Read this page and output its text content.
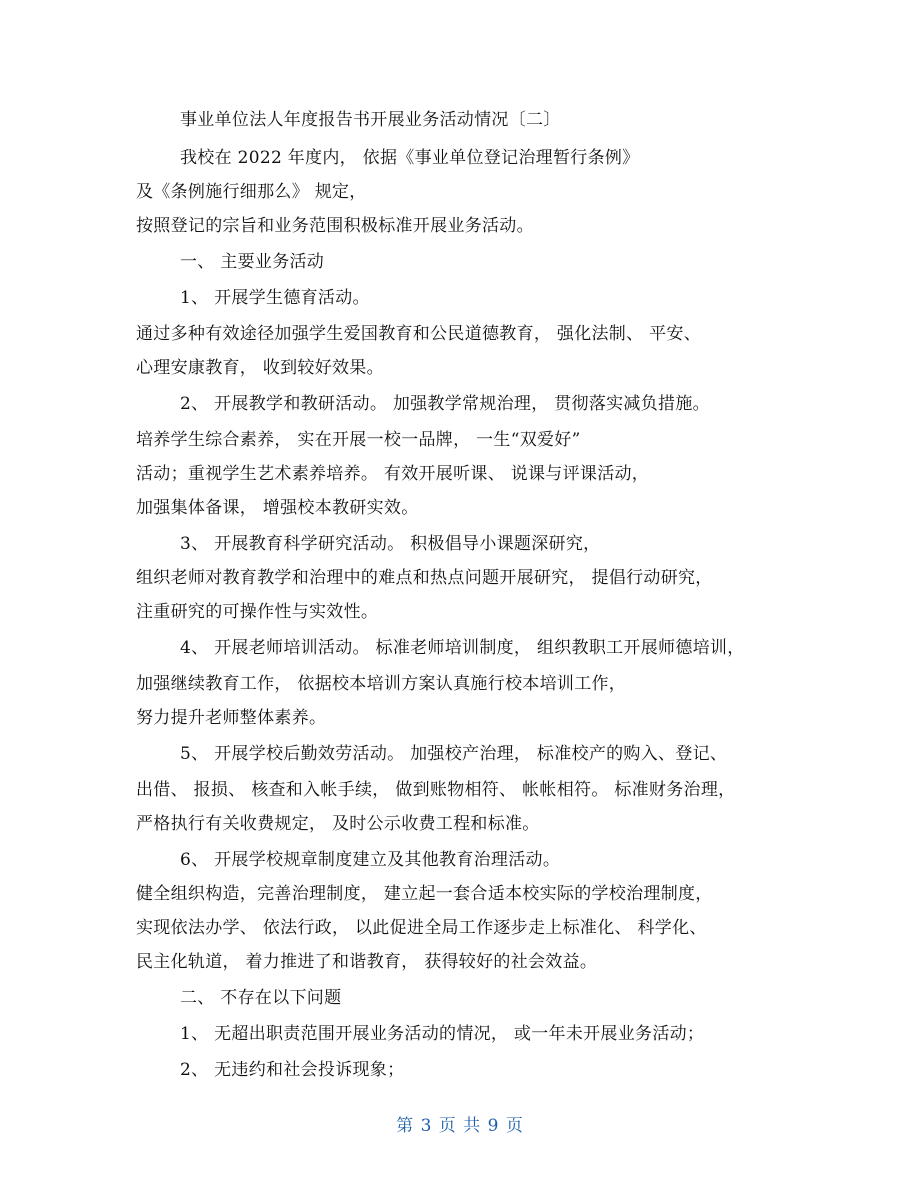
事业单位法人年度报告书开展业务活动情况〔二〕
我校在 2022 年度内， 依据《事业单位登记治理暂行条例》
及《条例施行细那么》 规定，
按照登记的宗旨和业务范围积极标准开展业务活动。
一、 主要业务活动
1、 开展学生德育活动。
通过多种有效途径加强学生爱国教育和公民道德教育， 强化法制、 平安、
心理安康教育， 收到较好效果。
2、 开展教学和教研活动。 加强教学常规治理， 贯彻落实减负措施。
培养学生综合素养， 实在开展一校一品牌， 一生“双爱好”
活动；重视学生艺术素养培养。 有效开展听课、 说课与评课活动，
加强集体备课， 增强校本教研实效。
3、 开展教育科学研究活动。 积极倡导小课题深研究，
组织老师对教育教学和治理中的难点和热点问题开展研究， 提倡行动研究，
注重研究的可操作性与实效性。
4、 开展老师培训活动。 标准老师培训制度， 组织教职工开展师德培训，
加强继续教育工作， 依据校本培训方案认真施行校本培训工作，
努力提升老师整体素养。
5、 开展学校后勤效劳活动。 加强校产治理， 标准校产的购入、登记、
出借、 报损、 核查和入帐手续， 做到账物相符、 帐帐相符。 标准财务治理，
严格执行有关收费规定， 及时公示收费工程和标准。
6、 开展学校规章制度建立及其他教育治理活动。
健全组织构造，完善治理制度， 建立起一套合适本校实际的学校治理制度，
实现依法办学、 依法行政， 以此促进全局工作逐步走上标准化、 科学化、
民主化轨道， 着力推进了和谐教育， 获得较好的社会效益。
二、 不存在以下问题
1、 无超出职责范围开展业务活动的情况， 或一年未开展业务活动；
2、 无违约和社会投诉现象；
第 3 页 共 9 页
